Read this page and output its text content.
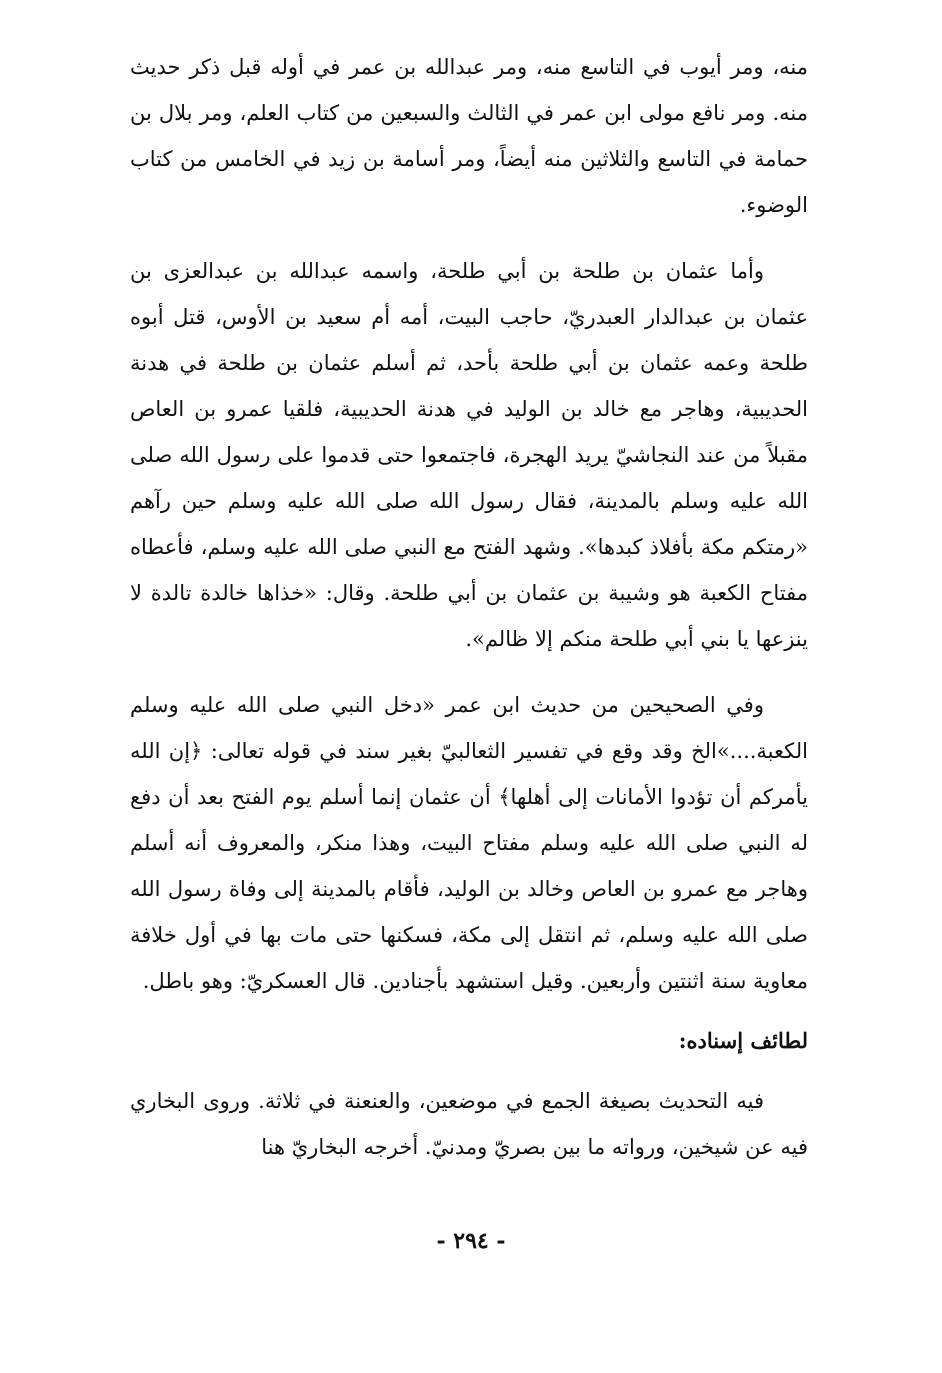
منه، ومر أيوب في التاسع منه، ومر عبدالله بن عمر في أوله قبل ذكر حديث منه. ومر نافع مولى ابن عمر في الثالث والسبعين من كتاب العلم، ومر بلال بن حمامة في التاسع والثلاثين منه أيضاً، ومر أسامة بن زيد في الخامس من كتاب الوضوء.

وأما عثمان بن طلحة بن أبي طلحة، واسمه عبدالله بن عبدالعزى بن عثمان بن عبدالدار العبدريّ، حاجب البيت، أمه أم سعيد بن الأوس، قتل أبوه طلحة وعمه عثمان بن أبي طلحة بأحد، ثم أسلم عثمان بن طلحة في هدنة الحديبية، وهاجر مع خالد بن الوليد في هدنة الحديبية، فلقيا عمرو بن العاص مقبلاً من عند النجاشيّ يريد الهجرة، فاجتمعوا حتى قدموا على رسول الله صلى الله عليه وسلم بالمدينة، فقال رسول الله صلى الله عليه وسلم حين رآهم «رمتكم مكة بأفلاذ كبدها». وشهد الفتح مع النبي صلى الله عليه وسلم، فأعطاه مفتاح الكعبة هو وشيبة بن عثمان بن أبي طلحة. وقال: «خذاها خالدة تالدة لا ينزعها يا بني أبي طلحة منكم إلا ظالم».

وفي الصحيحين من حديث ابن عمر «دخل النبي صلى الله عليه وسلم الكعبة....»الخ وقد وقع في تفسير الثعالبيّ بغير سند في قوله تعالى: ﴿إن الله يأمركم أن تؤدوا الأمانات إلى أهلها﴾ أن عثمان إنما أسلم يوم الفتح بعد أن دفع له النبي صلى الله عليه وسلم مفتاح البيت، وهذا منكر، والمعروف أنه أسلم وهاجر مع عمرو بن العاص وخالد بن الوليد، فأقام بالمدينة إلى وفاة رسول الله صلى الله عليه وسلم، ثم انتقل إلى مكة، فسكنها حتى مات بها في أول خلافة معاوية سنة اثنتين وأربعين. وقيل استشهد بأجنادين. قال العسكريّ: وهو باطل.

لطائف إسناده:

فيه التحديث بصيغة الجمع في موضعين، والعنعنة في ثلاثة. وروى البخاري فيه عن شيخين، ورواته ما بين بصريّ ومدنيّ. أخرجه البخاريّ هنا

- ٢٩٤ -
